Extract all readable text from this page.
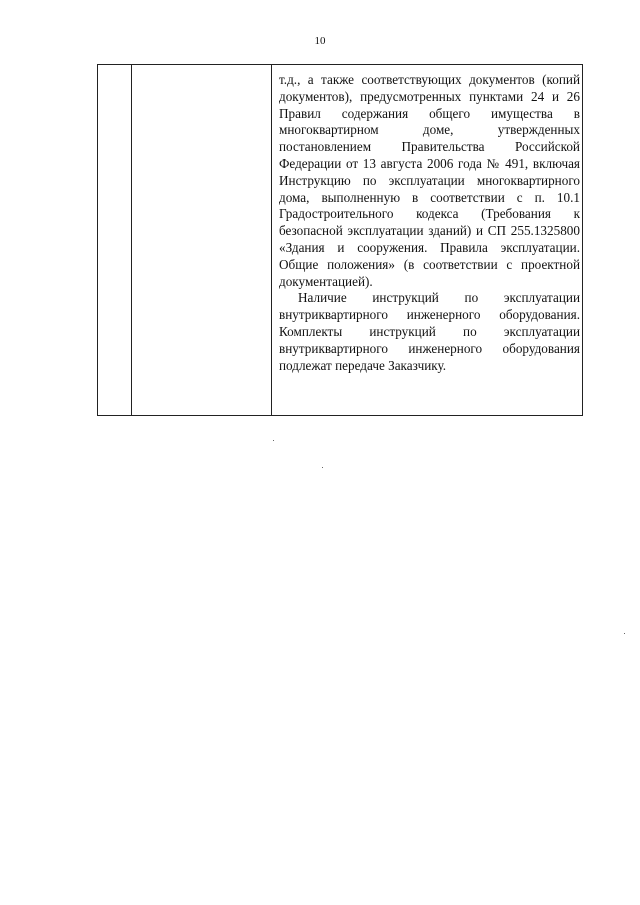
10

т.д., а также соответствующих документов (копий документов), предусмотренных пунктами 24 и 26 Правил содержания общего имущества в многоквартирном доме, утвержденных постановлением Правительства Российской Федерации от 13 августа 2006 года № 491, включая Инструкцию по эксплуатации многоквартирного дома, выполненную в соответствии с п. 10.1 Градостроительного кодекса (Требования к безопасной эксплуатации зданий) и СП 255.1325800 «Здания и сооружения. Правила эксплуатации. Общие положения» (в соответствии с проектной документацией).

Наличие инструкций по эксплуатации внутриквартирного инженерного оборудования. Комплекты инструкций по эксплуатации внутриквартирного инженерного оборудования подлежат передаче Заказчику.
